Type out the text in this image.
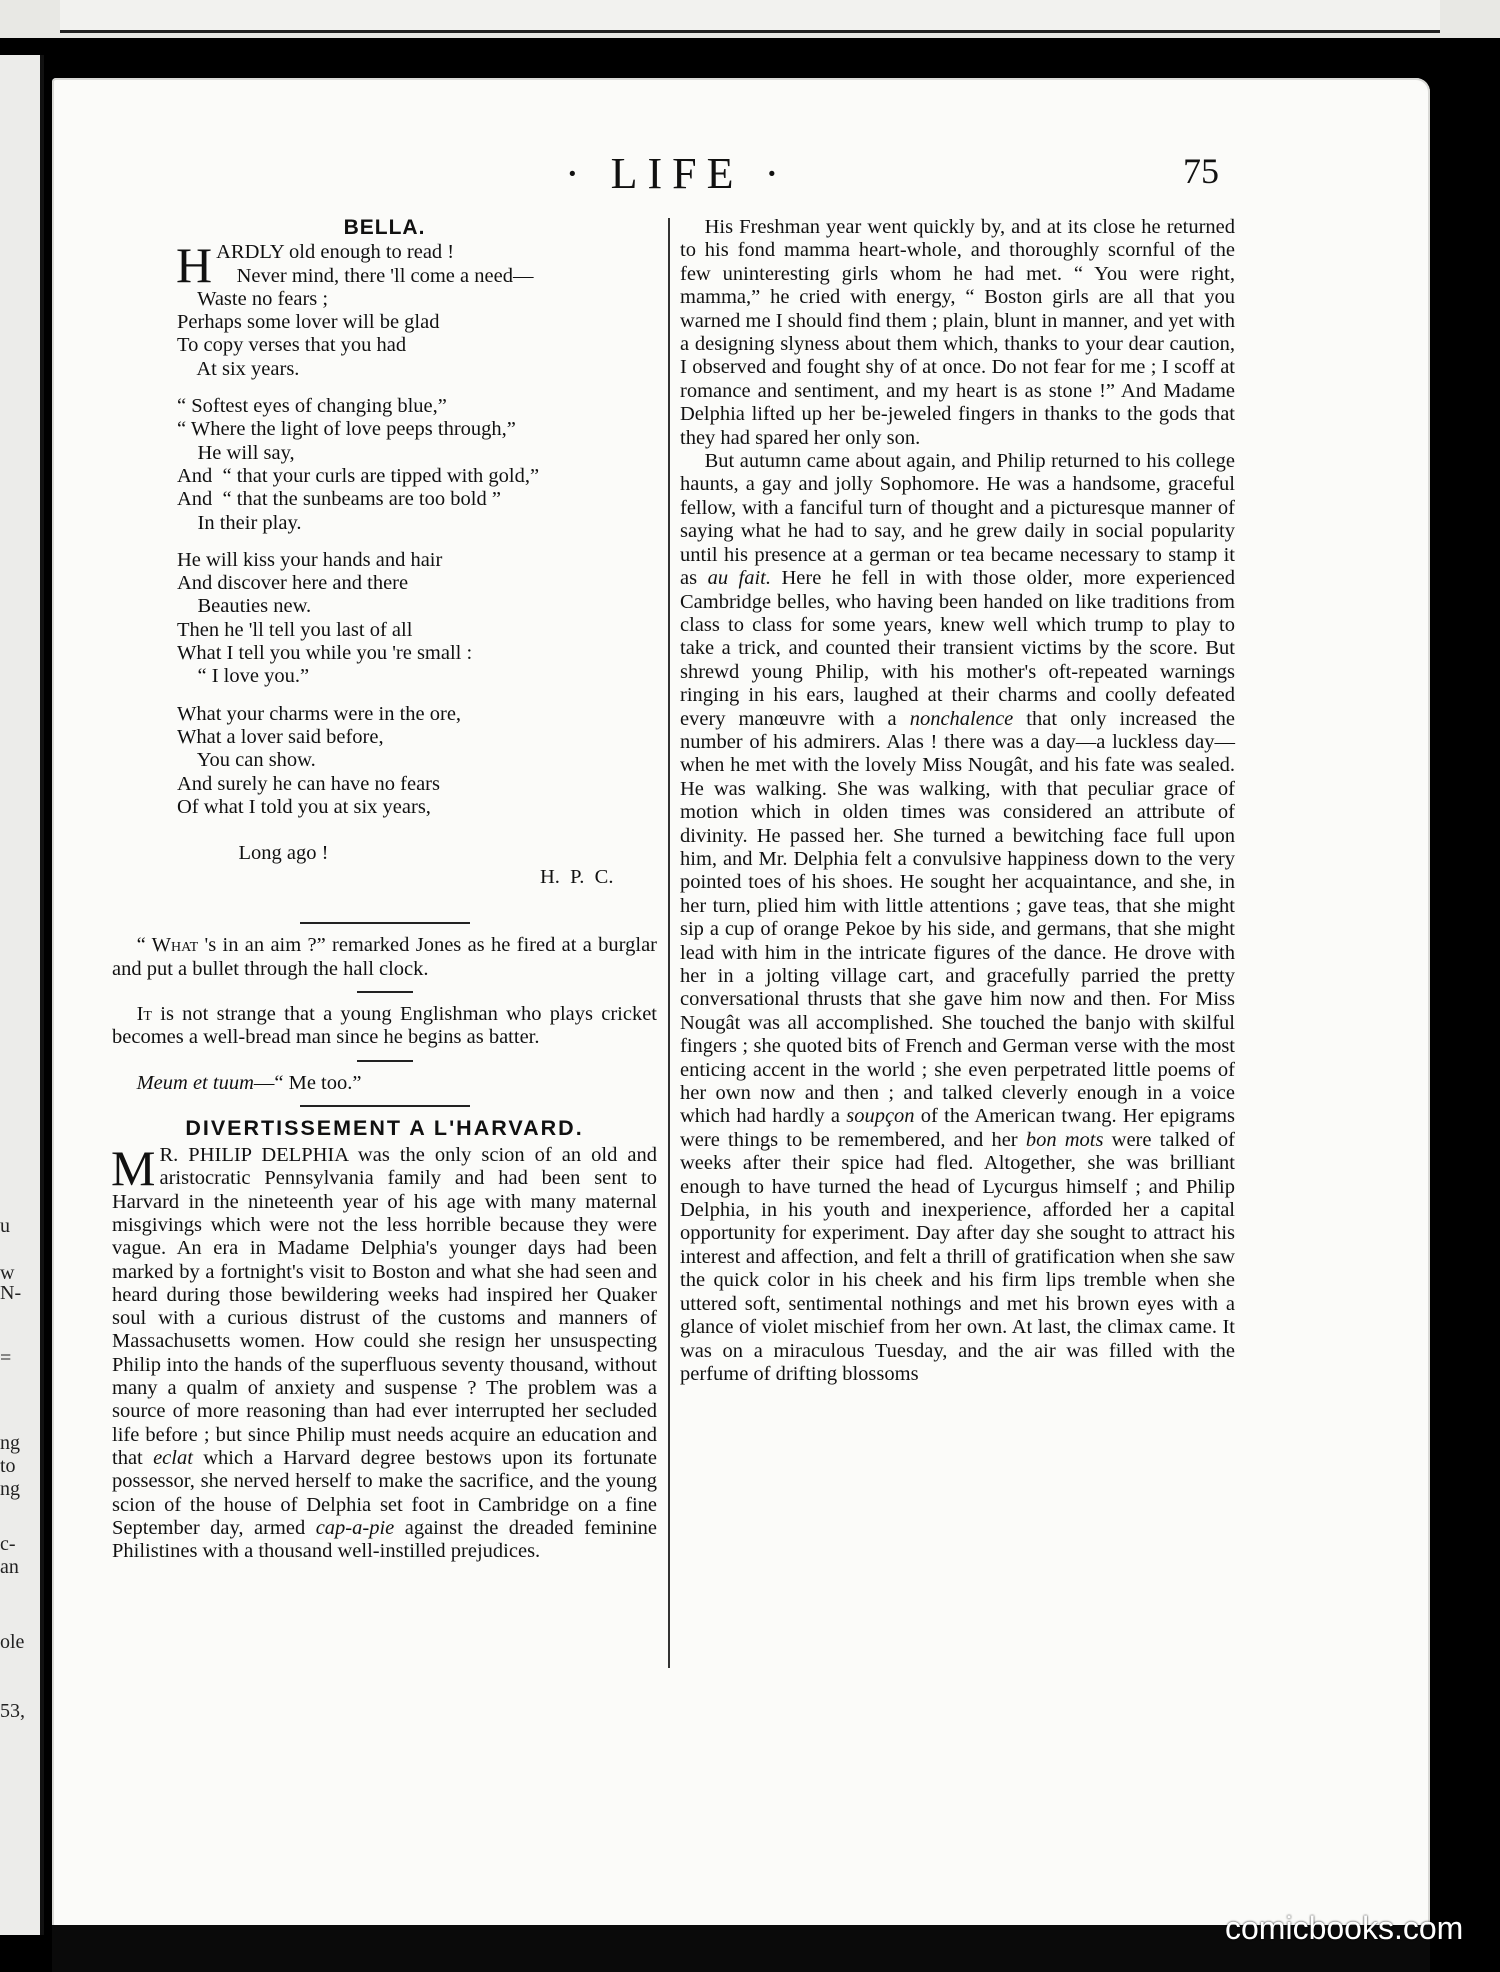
u
w
N-
=
ng
to
ng
c-
an
ole
53,
· LIFE ·	75
BELLA.
H ARDLY old enough to read !
Never mind, there 'll come a need—
Waste no fears ;
Perhaps some lover will be glad
To copy verses that you had
At six years.
“ Softest eyes of changing blue,”
“ Where the light of love peeps through,”
He will say,
And  “ that your curls are tipped with gold,”
And  “ that the sunbeams are too bold ”
In their play.
He will kiss your hands and hair
And discover here and there
Beauties new.
Then he 'll tell you last of all
What I tell you while you 're small :
“ I love you.”
What your charms were in the ore,
What a lover said before,
You can show.
And surely he can have no fears
Of what I told you at six years,

Long ago !

H.  P.  C.

“ What 's in an aim ?” remarked Jones as he fired at a burglar and put a bullet through the hall clock.

It is not strange that a young Englishman who plays cricket becomes a well-bread man since he begins as batter.

Meum et tuum—“ Me too.”

DIVERTISSEMENT A L'HARVARD.

M R. PHILIP DELPHIA was the only scion of an old and aristocratic Pennsylvania family and had been sent to Harvard in the nineteenth year of his age with many maternal misgivings which were not the less horrible because they were vague. An era in Madame Delphia's younger days had been marked by a fortnight's visit to Boston and what she had seen and heard during those bewildering weeks had inspired her Quaker soul with a curious distrust of the customs and manners of Massachusetts women. How could she resign her unsuspecting Philip into the hands of the superfluous seventy thousand, without many a qualm of anxiety and suspense ? The problem was a source of more reasoning than had ever interrupted her secluded life before ; but since Philip must needs acquire an education and that eclat which a Harvard degree bestows upon its fortunate possessor, she nerved herself to make the sacrifice, and the young scion of the house of Delphia set foot in Cambridge on a fine September day, armed cap-a-pie against the dreaded feminine Philistines with a thousand well-instilled prejudices.

His Freshman year went quickly by, and at its close he returned to his fond mamma heart-whole, and thoroughly scornful of the few uninteresting girls whom he had met. “ You were right, mamma,” he cried with energy, “ Boston girls are all that you warned me I should find them ; plain, blunt in manner, and yet with a designing slyness about them which, thanks to your dear caution, I observed and fought shy of at once. Do not fear for me ; I scoff at romance and sentiment, and my heart is as stone !” And Madame Delphia lifted up her be-jeweled fingers in thanks to the gods that they had spared her only son.

But autumn came about again, and Philip returned to his college haunts, a gay and jolly Sophomore. He was a handsome, graceful fellow, with a fanciful turn of thought and a picturesque manner of saying what he had to say, and he grew daily in social popularity until his presence at a german or tea became necessary to stamp it as au fait. Here he fell in with those older, more experienced Cambridge belles, who having been handed on like traditions from class to class for some years, knew well which trump to play to take a trick, and counted their transient victims by the score. But shrewd young Philip, with his mother's oft-repeated warnings ringing in his ears, laughed at their charms and coolly defeated every manœuvre with a nonchalence that only increased the number of his admirers. Alas ! there was a day—a luckless day—when he met with the lovely Miss Nougât, and his fate was sealed. He was walking. She was walking, with that peculiar grace of motion which in olden times was considered an attribute of divinity. He passed her. She turned a bewitching face full upon him, and Mr. Delphia felt a convulsive happiness down to the very pointed toes of his shoes. He sought her acquaintance, and she, in her turn, plied him with little attentions ; gave teas, that she might sip a cup of orange Pekoe by his side, and germans, that she might lead with him in the intricate figures of the dance. He drove with her in a jolting village cart, and gracefully parried the pretty conversational thrusts that she gave him now and then. For Miss Nougât was all accomplished. She touched the banjo with skilful fingers ; she quoted bits of French and German verse with the most enticing accent in the world ; she even perpetrated little poems of her own now and then ; and talked cleverly enough in a voice which had hardly a soupçon of the American twang. Her epigrams were things to be remembered, and her bon mots were talked of weeks after their spice had fled. Altogether, she was brilliant enough to have turned the head of Lycurgus himself ; and Philip Delphia, in his youth and inexperience, afforded her a capital opportunity for experiment. Day after day she sought to attract his interest and affection, and felt a thrill of gratification when she saw the quick color in his cheek and his firm lips tremble when she uttered soft, sentimental nothings and met his brown eyes with a glance of violet mischief from her own. At last, the climax came. It was on a miraculous Tuesday, and the air was filled with the perfume of drifting blossoms

comicbooks.com
